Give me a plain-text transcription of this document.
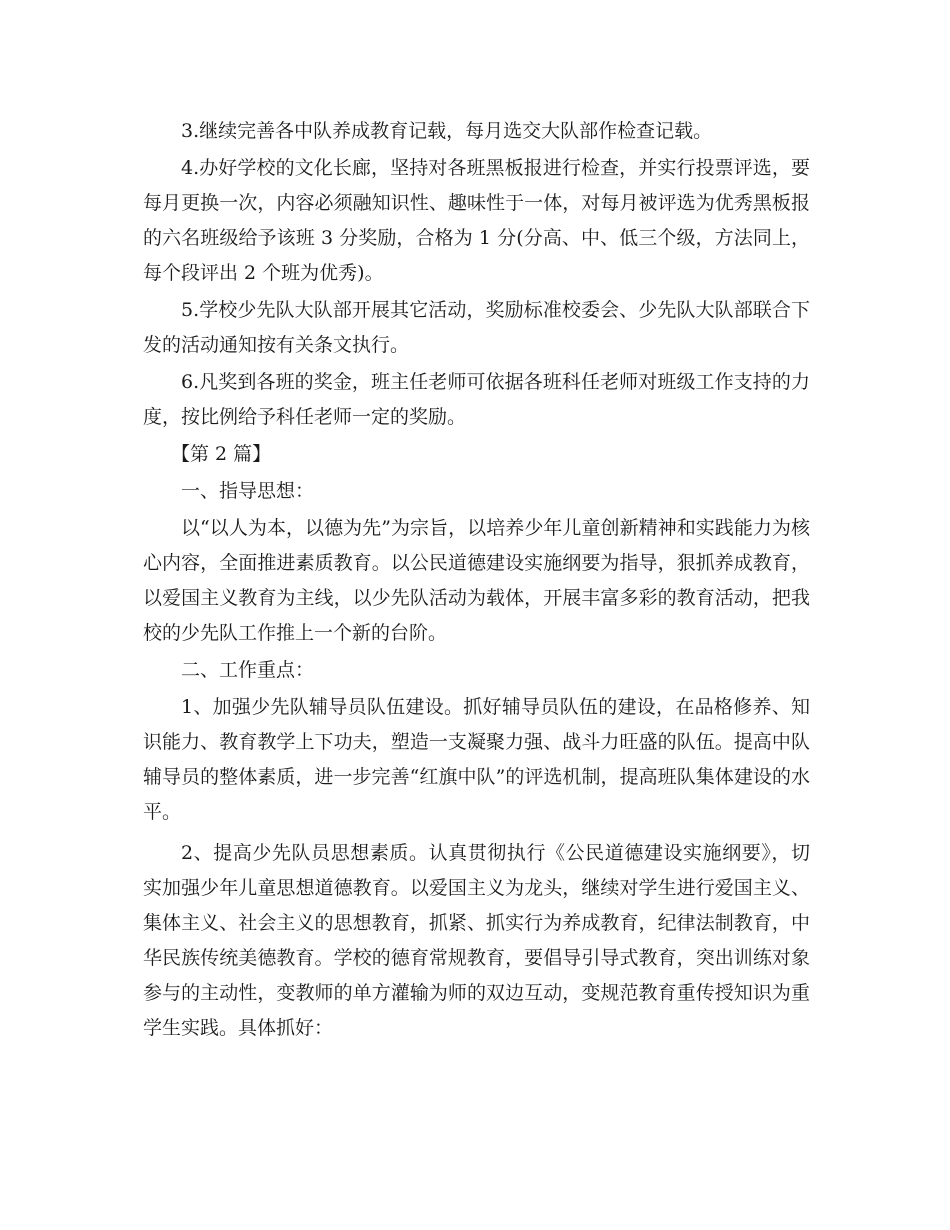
3.继续完善各中队养成教育记载，每月选交大队部作检查记载。

4.办好学校的文化长廊，坚持对各班黑板报进行检查，并实行投票评选，要每月更换一次，内容必须融知识性、趣味性于一体，对每月被评选为优秀黑板报的六名班级给予该班 3 分奖励，合格为 1 分(分高、中、低三个级，方法同上，每个段评出 2 个班为优秀)。

5.学校少先队大队部开展其它活动，奖励标准校委会、少先队大队部联合下发的活动通知按有关条文执行。

6.凡奖到各班的奖金，班主任老师可依据各班科任老师对班级工作支持的力度，按比例给予科任老师一定的奖励。

【第 2 篇】

一、指导思想：

以“以人为本，以德为先”为宗旨，以培养少年儿童创新精神和实践能力为核心内容，全面推进素质教育。以公民道德建设实施纲要为指导，狠抓养成教育，以爱国主义教育为主线，以少先队活动为载体，开展丰富多彩的教育活动，把我校的少先队工作推上一个新的台阶。

二、工作重点：

1、加强少先队辅导员队伍建设。抓好辅导员队伍的建设，在品格修养、知识能力、教育教学上下功夫，塑造一支凝聚力强、战斗力旺盛的队伍。提高中队辅导员的整体素质，进一步完善“红旗中队”的评选机制，提高班队集体建设的水平。

2、提高少先队员思想素质。认真贯彻执行《公民道德建设实施纲要》，切实加强少年儿童思想道德教育。以爱国主义为龙头，继续对学生进行爱国主义、集体主义、社会主义的思想教育，抓紧、抓实行为养成教育，纪律法制教育，中华民族传统美德教育。学校的德育常规教育，要倡导引导式教育，突出训练对象参与的主动性，变教师的单方灌输为师的双边互动，变规范教育重传授知识为重学生实践。具体抓好：
